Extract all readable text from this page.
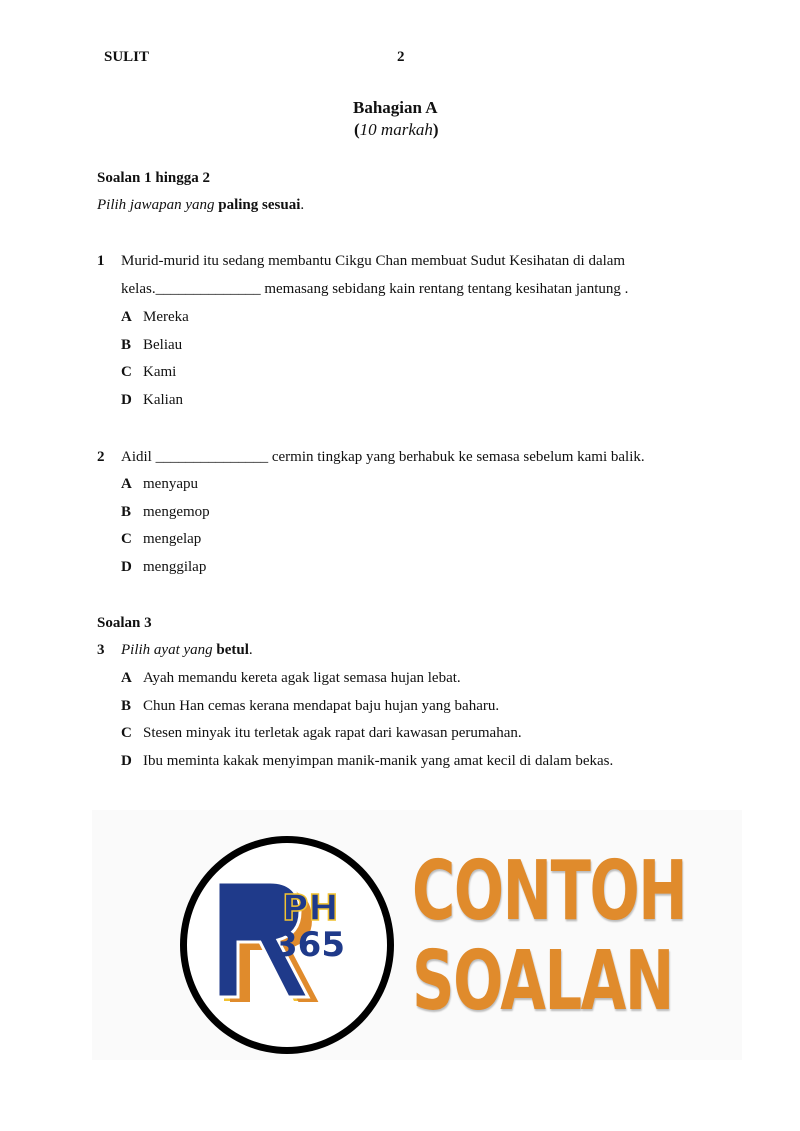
SULIT	2
Bahagian A
(10 markah)
Soalan 1 hingga 2
Pilih jawapan yang paling sesuai.
1 Murid-murid itu sedang membantu Cikgu Chan membuat Sudut Kesihatan di dalam
kelas.______________ memasang sebidang kain rentang tentang kesihatan jantung .
A Mereka
B Beliau
C Kami
D Kalian
2 Aidil _______________ cermin tingkap yang berhabuk ke semasa sebelum kami balik.
A menyapu
B mengemop
C mengelap
D menggilap
Soalan 3
3 Pilih ayat yang betul.
A Ayah memandu kereta agak ligat semasa hujan lebat.
B Chun Han cemas kerana mendapat baju hujan yang baharu.
C Stesen minyak itu terletak agak rapat dari kawasan perumahan.
D Ibu meminta kakak menyimpan manik-manik yang amat kecil di dalam bekas.
PH
365
CONTOH
SOALAN
